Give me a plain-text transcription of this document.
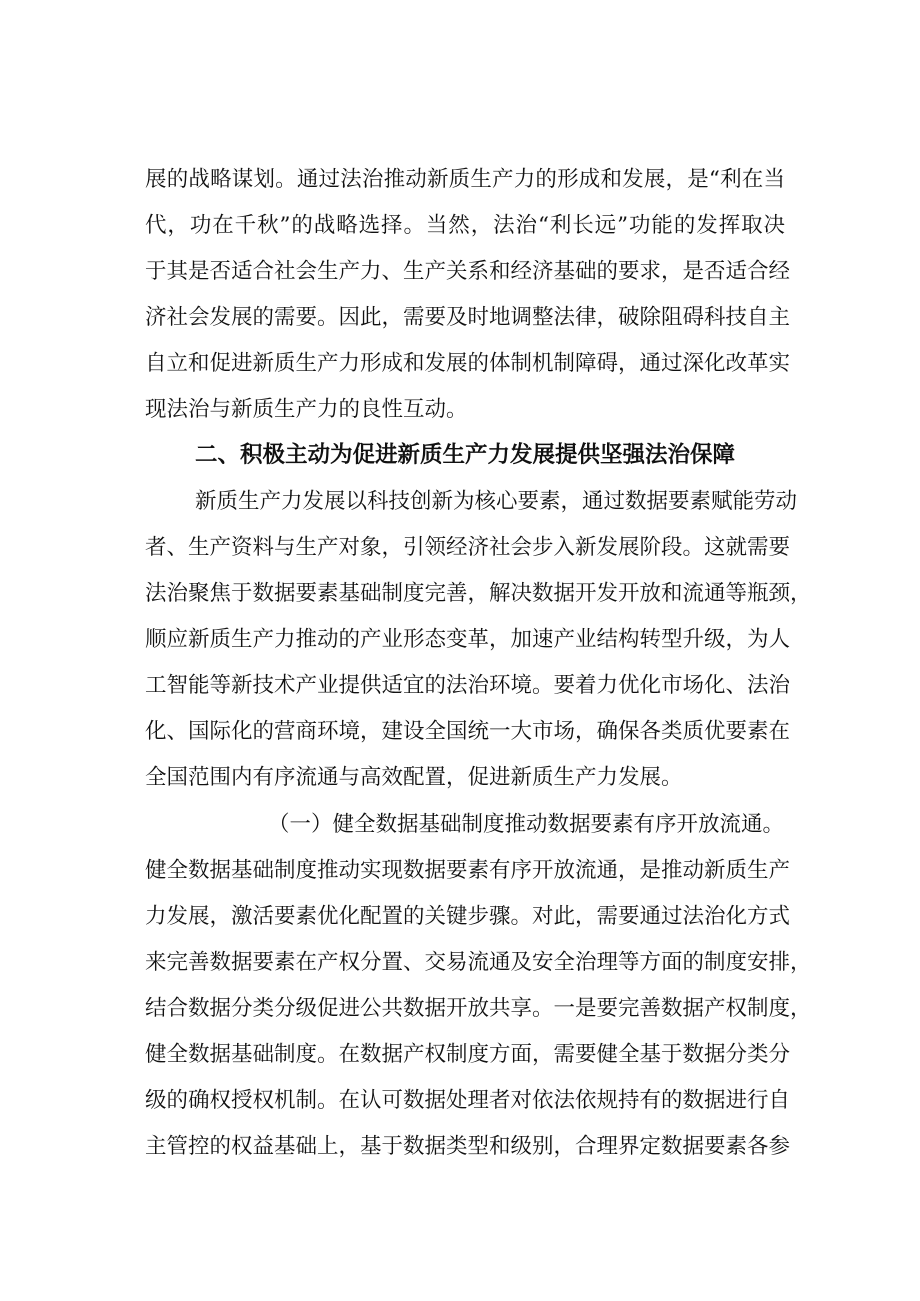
展的战略谋划。通过法治推动新质生产力的形成和发展，是“利在当
代，功在千秋”的战略选择。当然，法治“利长远”功能的发挥取决
于其是否适合社会生产力、生产关系和经济基础的要求，是否适合经
济社会发展的需要。因此，需要及时地调整法律，破除阻碍科技自主
自立和促进新质生产力形成和发展的体制机制障碍，通过深化改革实
现法治与新质生产力的良性互动。
二、积极主动为促进新质生产力发展提供坚强法治保障
新质生产力发展以科技创新为核心要素，通过数据要素赋能劳动
者、生产资料与生产对象，引领经济社会步入新发展阶段。这就需要
法治聚焦于数据要素基础制度完善，解决数据开发开放和流通等瓶颈，
顺应新质生产力推动的产业形态变革，加速产业结构转型升级，为人
工智能等新技术产业提供适宜的法治环境。要着力优化市场化、法治
化、国际化的营商环境，建设全国统一大市场，确保各类质优要素在
全国范围内有序流通与高效配置，促进新质生产力发展。
（一）健全数据基础制度推动数据要素有序开放流通。
健全数据基础制度推动实现数据要素有序开放流通，是推动新质生产
力发展，激活要素优化配置的关键步骤。对此，需要通过法治化方式
来完善数据要素在产权分置、交易流通及安全治理等方面的制度安排，
结合数据分类分级促进公共数据开放共享。一是要完善数据产权制度，
健全数据基础制度。在数据产权制度方面，需要健全基于数据分类分
级的确权授权机制。在认可数据处理者对依法依规持有的数据进行自
主管控的权益基础上，基于数据类型和级别，合理界定数据要素各参
